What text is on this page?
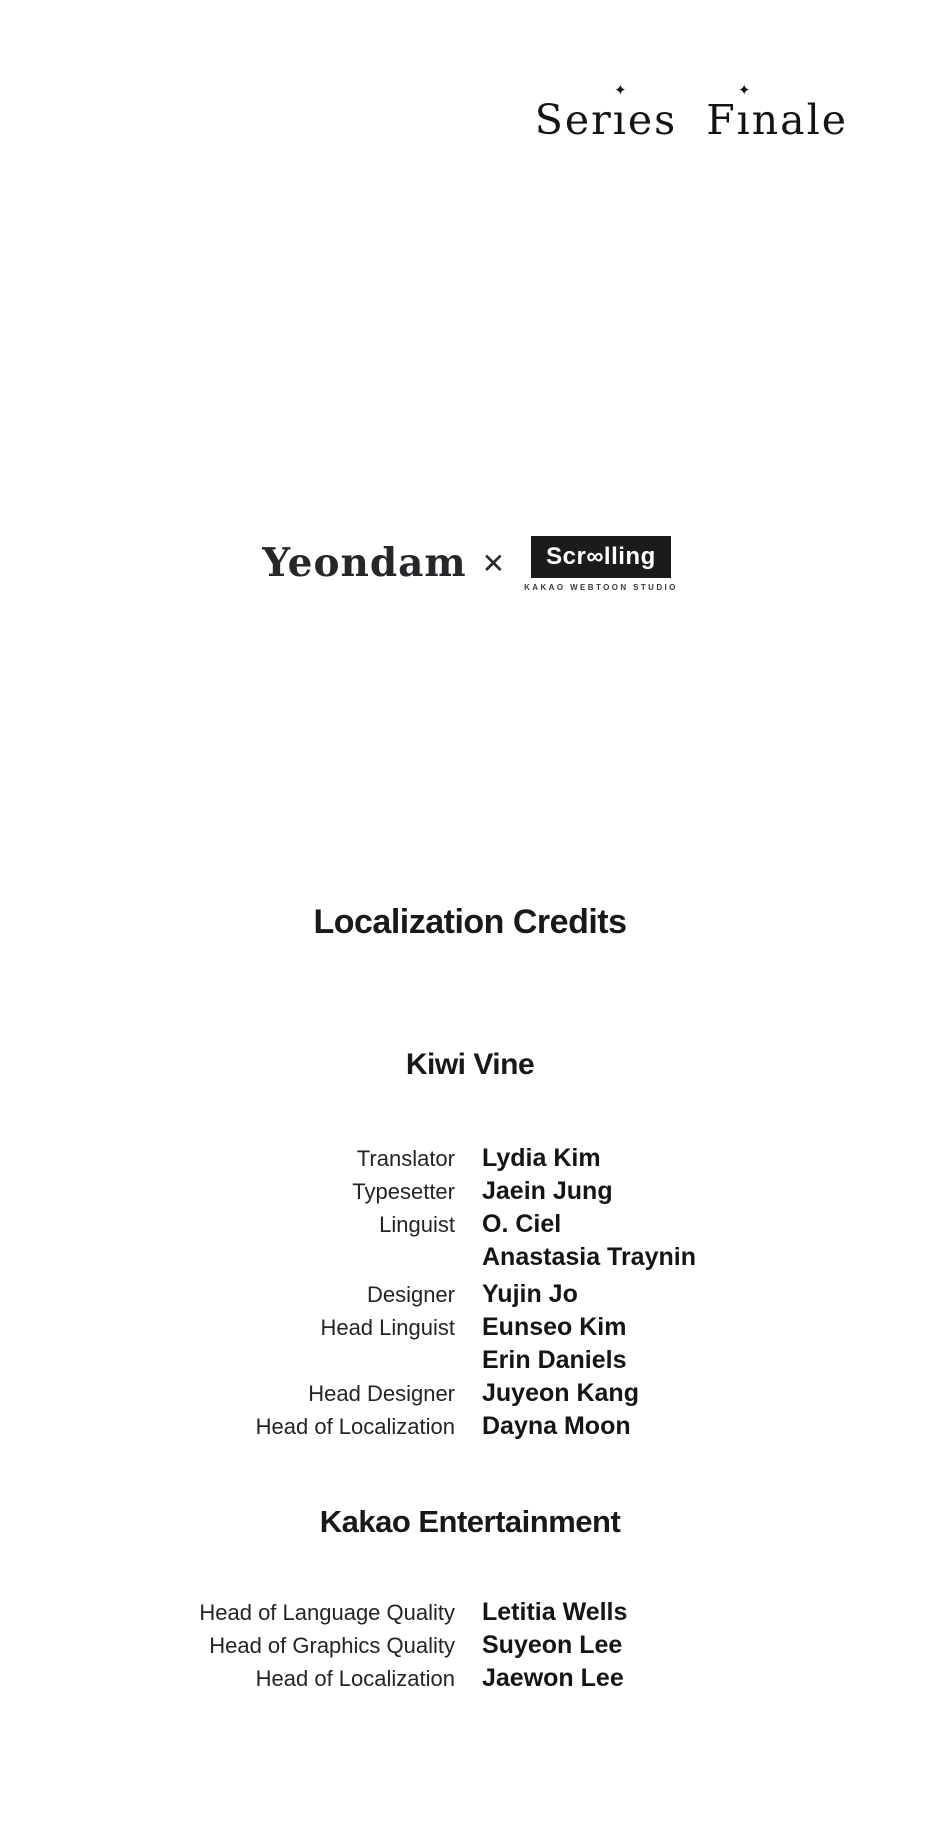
Serı
✦
es Fı
✦
nale
Yeondam ✕	Scr∞lling
KAKAO WEBTOON STUDIO
Localization Credits
Kiwi Vine
Translator Lydia Kim
Typesetter Jaein Jung
Linguist O. Ciel
Anastasia Traynin
Designer Yujin Jo
Head Linguist Eunseo Kim
Erin Daniels
Head Designer Juyeon Kang
Head of Localization Dayna Moon
Kakao Entertainment
Head of Language Quality Letitia Wells
Head of Graphics Quality Suyeon Lee
Head of Localization Jaewon Lee
